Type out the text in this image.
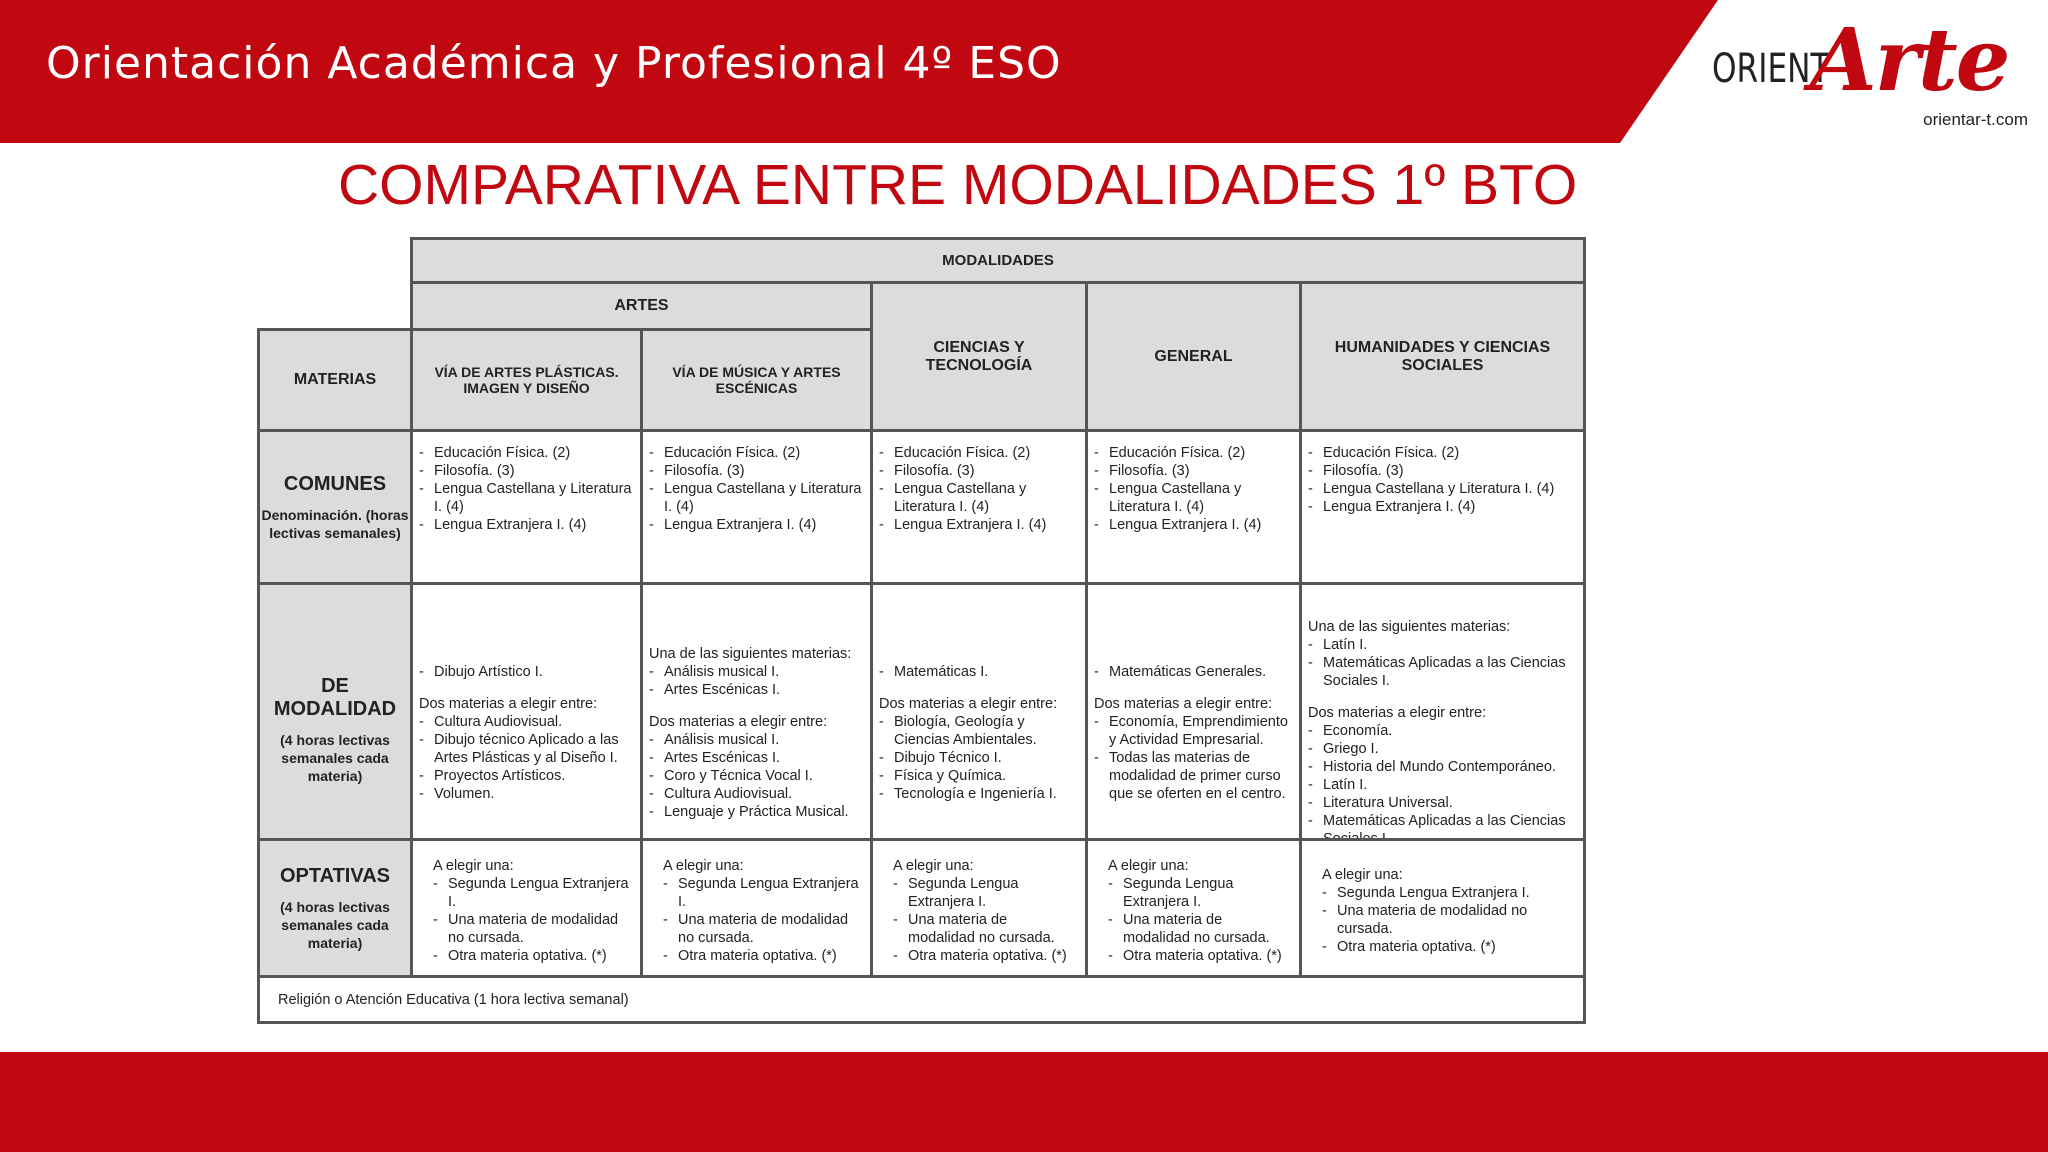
Orientación Académica y Profesional 4º ESO	ORIENT
Arte
orientar-t.com
COMPARATIVA ENTRE MODALIDADES 1º BTO
MODALIDADES
ARTES
MATERIAS	VÍA DE ARTES PLÁSTICAS. IMAGEN Y DISEÑO
VÍA DE MÚSICA Y ARTES ESCÉNICAS
CIENCIAS Y TECNOLOGÍA
GENERAL
HUMANIDADES Y CIENCIAS SOCIALES
COMUNES
Denominación. (horas lectivas semanales)
- Educación Física. (2)
- Filosofía. (3)
- Lengua Castellana y Literatura I. (4)
- Lengua Extranjera I. (4)
- Educación Física. (2)
- Filosofía. (3)
- Lengua Castellana y Literatura I. (4)
- Lengua Extranjera I. (4)
- Educación Física. (2)
- Filosofía. (3)
- Lengua Castellana y Literatura I. (4)
- Lengua Extranjera I. (4)
- Educación Física. (2)
- Filosofía. (3)
- Lengua Castellana y Literatura I. (4)
- Lengua Extranjera I. (4)
- Educación Física. (2)
- Filosofía. (3)
- Lengua Castellana y Literatura I. (4)
- Lengua Extranjera I. (4)
DE MODALIDAD
(4 horas lectivas semanales cada materia)
- Dibujo Artístico I.

Dos materias a elegir entre:

- Cultura Audiovisual.
- Dibujo técnico Aplicado a las Artes Plásticas y al Diseño I.
- Proyectos Artísticos.
- Volumen.

Una de las siguientes materias:

- Análisis musical I.
- Artes Escénicas I.

Dos materias a elegir entre:

- Análisis musical I.
- Artes Escénicas I.
- Coro y Técnica Vocal I.
- Cultura Audiovisual.
- Lenguaje y Práctica Musical.
- Matemáticas I.

Dos materias a elegir entre:

- Biología, Geología y Ciencias Ambientales.
- Dibujo Técnico I.
- Física y Química.
- Tecnología e Ingeniería I.
- Matemáticas Generales.

Dos materias a elegir entre:

- Economía, Emprendimiento y Actividad Empresarial.
- Todas las materias de modalidad de primer curso que se oferten en el centro.

Una de las siguientes materias:

- Latín I.
- Matemáticas Aplicadas a las Ciencias Sociales I.

Dos materias a elegir entre:

- Economía.
- Griego I.
- Historia del Mundo Contemporáneo.
- Latín I.
- Literatura Universal.
- Matemáticas Aplicadas a las Ciencias
OPTATIVAS
(4 horas lectivas semanales cada materia)

A elegir una:

- Segunda Lengua Extranjera I.
- Una materia de modalidad no cursada.
- Otra materia optativa. (*)

A elegir una:

- Segunda Lengua Extranjera I.
- Una materia de modalidad no cursada.
- Otra materia optativa. (*)

A elegir una:

- Segunda Lengua Extranjera I.
- Una materia de modalidad no cursada.
- Otra materia optativa. (*)

A elegir una:

- Segunda Lengua Extranjera I.
- Una materia de modalidad no cursada.
- Otra materia optativa. (*)

A elegir una:

- Segunda Lengua Extranjera I.
- Una materia de modalidad no cursada.
- Otra materia optativa. (*)
Religión o Atención Educativa (1 hora lectiva semanal)
